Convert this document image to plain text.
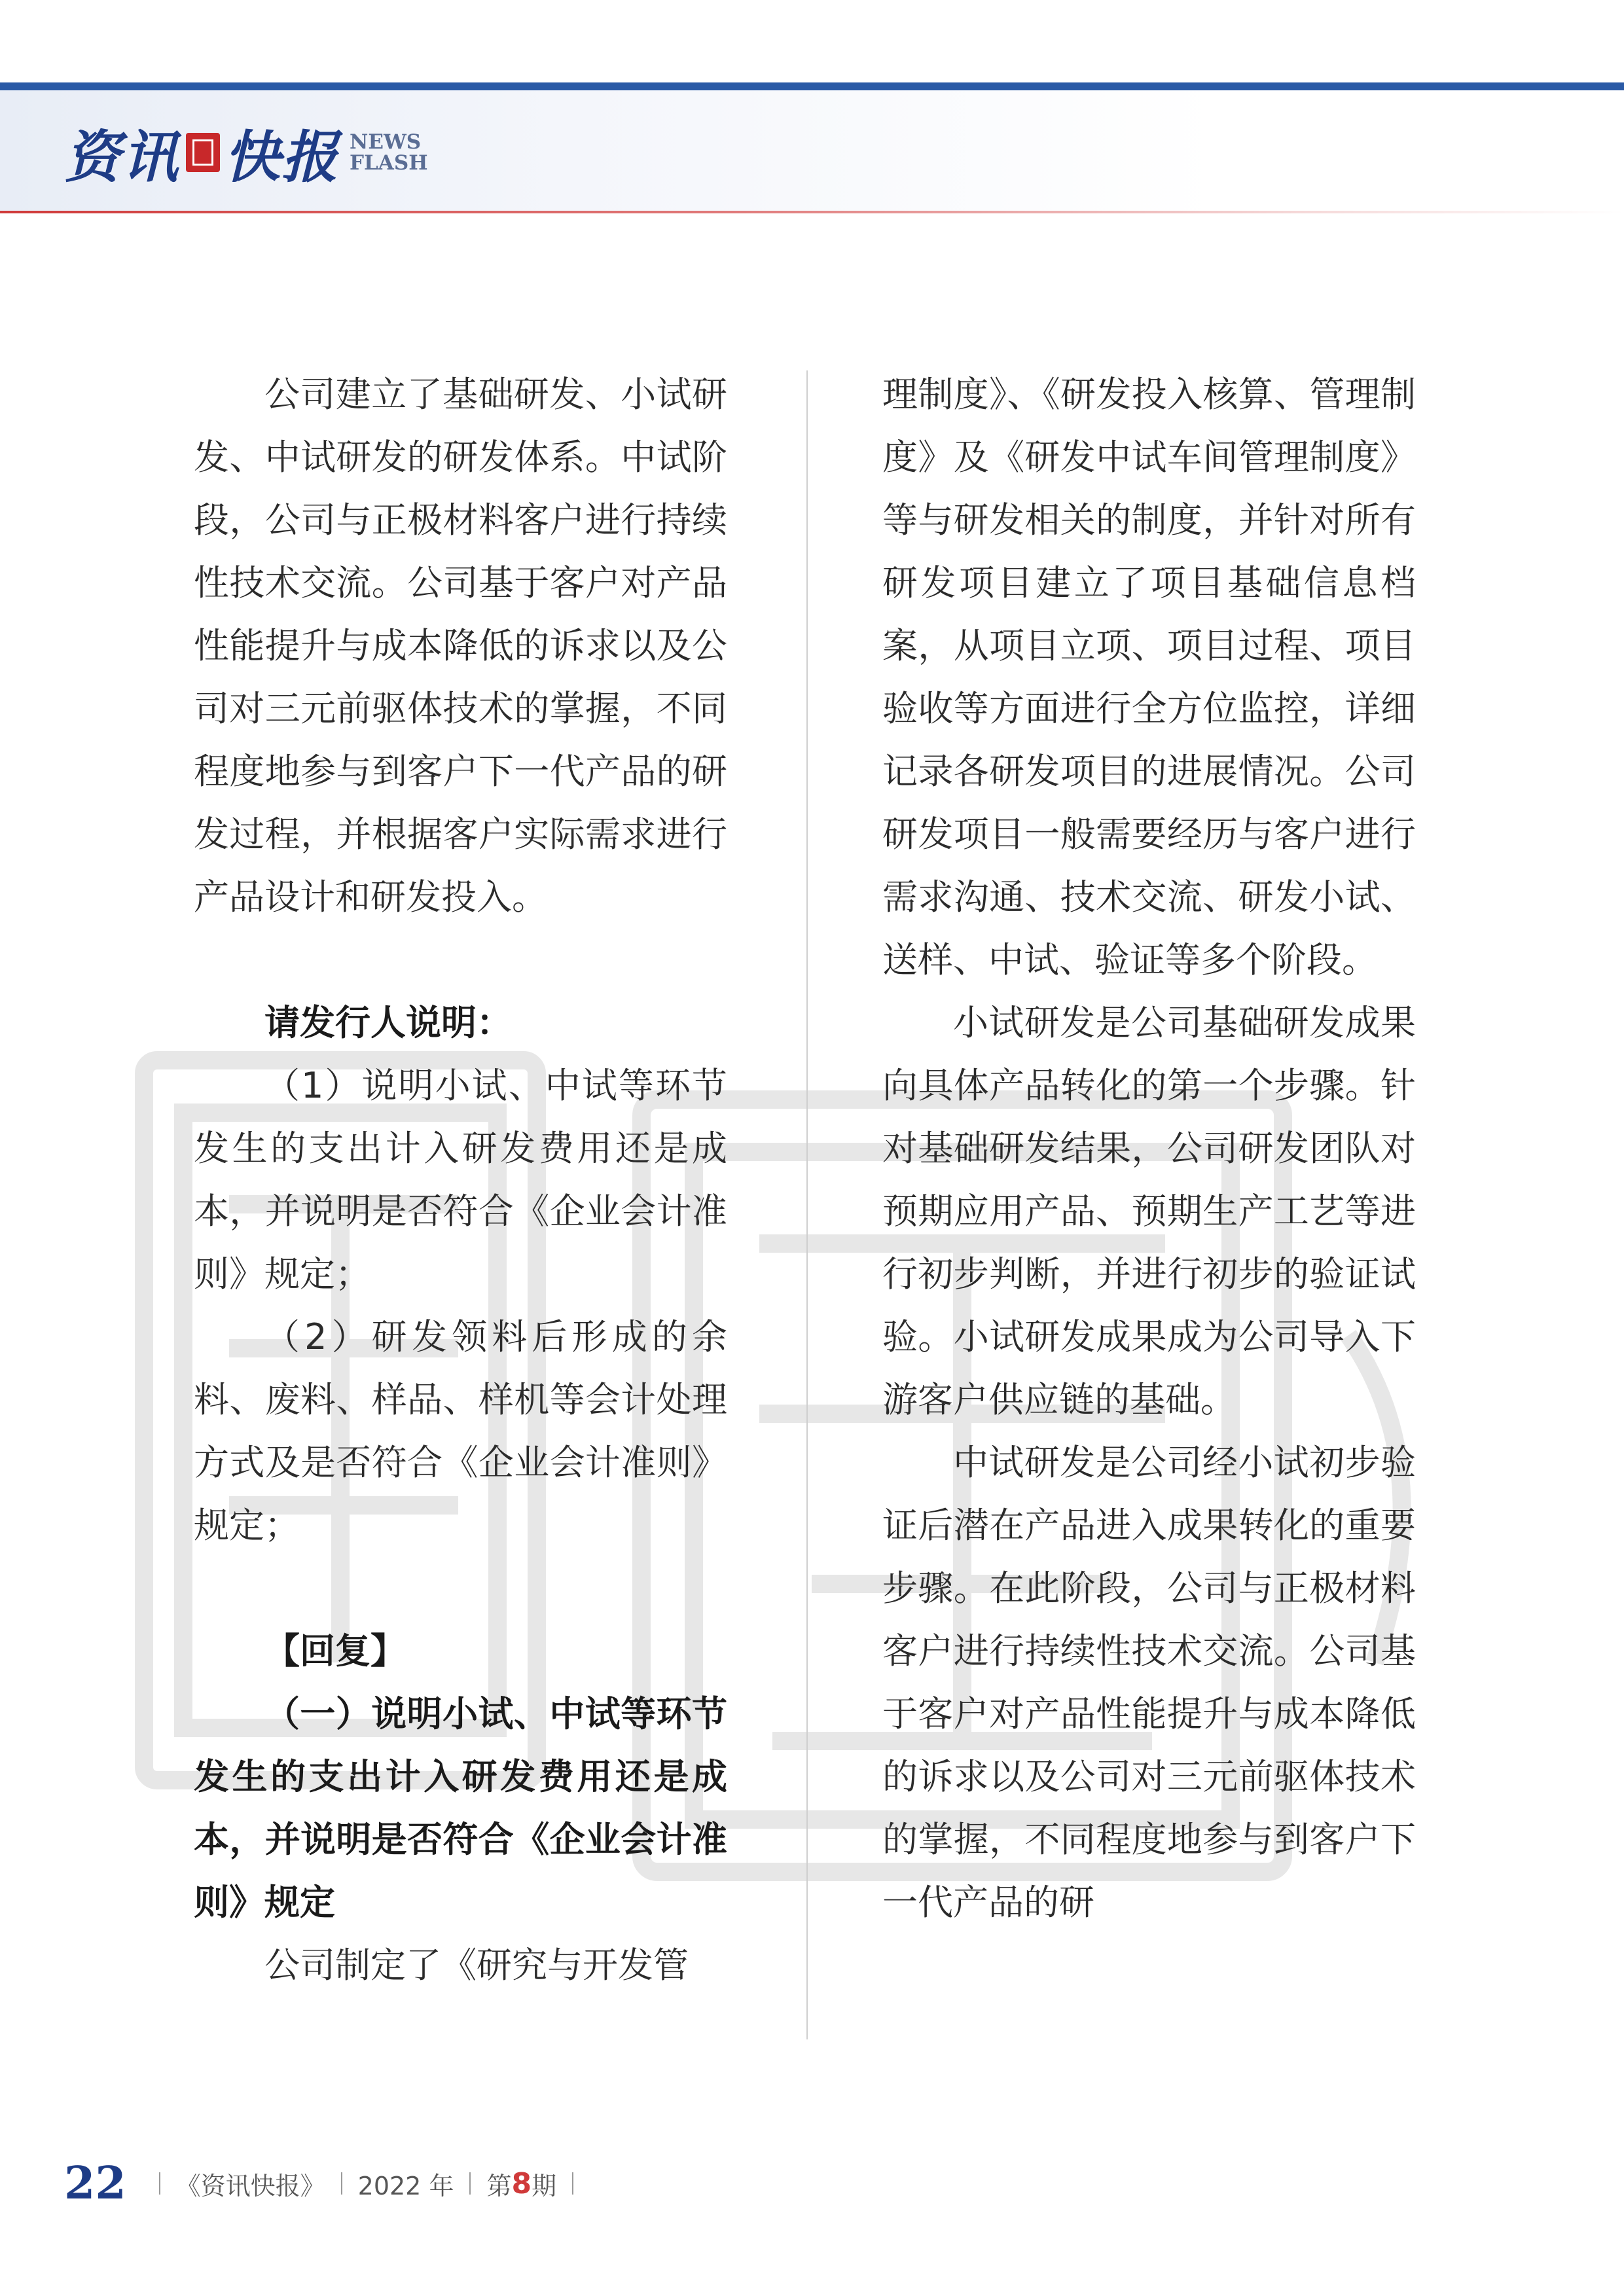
资讯 快报 NEWS
FLASH

公司建立了基础研发、小试研发、中试研发的研发体系。中试阶段，公司与正极材料客户进行持续性技术交流。公司基于客户对产品性能提升与成本降低的诉求以及公司对三元前驱体技术的掌握，不同程度地参与到客户下一代产品的研发过程，并根据客户实际需求进行产品设计和研发投入。

请发行人说明：

（1）说明小试、中试等环节发生的支出计入研发费用还是成本，并说明是否符合《企业会计准则》规定；

（2）研发领料后形成的余料、废料、样品、样机等会计处理方式及是否符合《企业会计准则》规定；

【回复】

（一）说明小试、中试等环节发生的支出计入研发费用还是成本，并说明是否符合《企业会计准则》规定

公司制定了《研究与开发管

理制度》、《研发投入核算、管理制度》及《研发中试车间管理制度》等与研发相关的制度，并针对所有研发项目建立了项目基础信息档案，从项目立项、项目过程、项目验收等方面进行全方位监控，详细记录各研发项目的进展情况。公司研发项目一般需要经历与客户进行需求沟通、技术交流、研发小试、送样、中试、验证等多个阶段。

小试研发是公司基础研发成果向具体产品转化的第一个步骤。针对基础研发结果，公司研发团队对预期应用产品、预期生产工艺等进行初步判断，并进行初步的验证试验。小试研发成果成为公司导入下游客户供应链的基础。

中试研发是公司经小试初步验证后潜在产品进入成果转化的重要步骤。在此阶段，公司与正极材料客户进行持续性技术交流。公司基于客户对产品性能提升与成本降低的诉求以及公司对三元前驱体技术的掌握，不同程度地参与到客户下一代产品的研

22 《资讯快报》 2022 年 第 8 期
